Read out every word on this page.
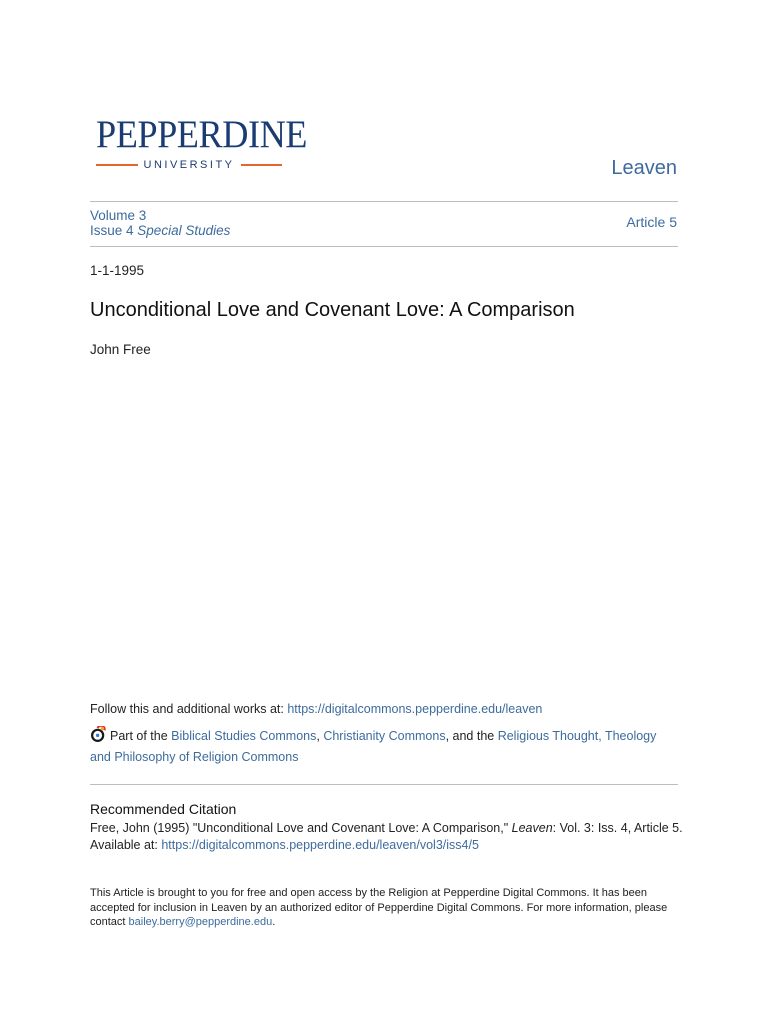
PEPPERDINE
UNIVERSITY	Leaven
Volume 3
Issue 4 Special Studies
Article 5
1-1-1995
Unconditional Love and Covenant Love: A Comparison
John Free
Follow this and additional works at: https://digitalcommons.pepperdine.edu/leaven
Part of the Biblical Studies Commons, Christianity Commons, and the Religious Thought, Theology and Philosophy of Religion Commons
Recommended Citation
Free, John (1995) "Unconditional Love and Covenant Love: A Comparison," Leaven: Vol. 3: Iss. 4, Article 5.
Available at: https://digitalcommons.pepperdine.edu/leaven/vol3/iss4/5
This Article is brought to you for free and open access by the Religion at Pepperdine Digital Commons. It has been accepted for inclusion in Leaven by an authorized editor of Pepperdine Digital Commons. For more information, please contact bailey.berry@pepperdine.edu.
